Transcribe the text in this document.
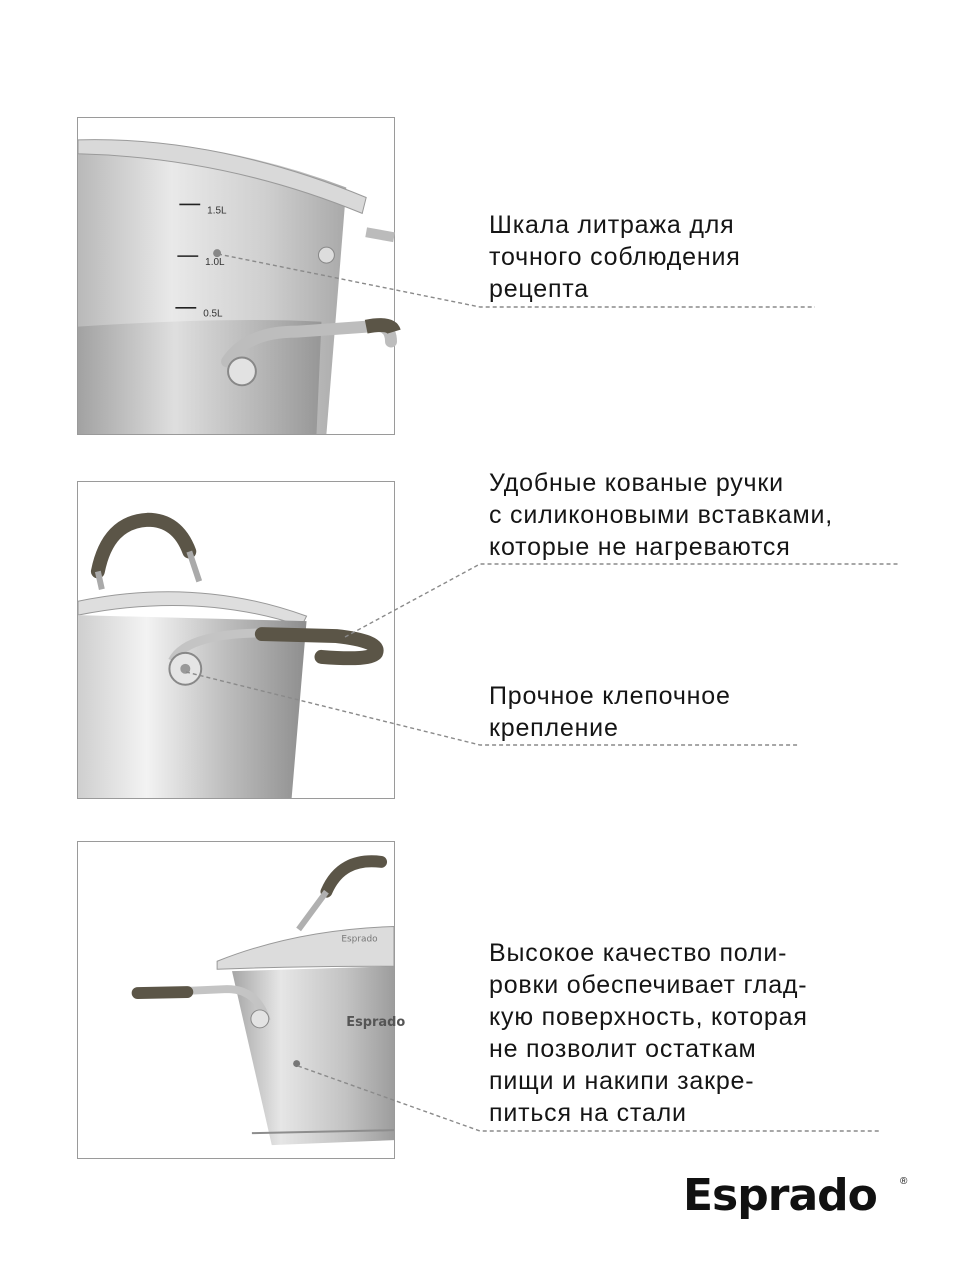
1.5L
1.0L
0.5L
Esprado
Esprado
Шкала литража для
точного соблюдения
рецепта
Удобные кованые ручки
с силиконовыми вставками,
которые не нагреваются
Прочное клепочное
крепление
Высокое качество поли-
ровки обеспечивает глад-
кую поверхность, которая
не позволит остаткам
пищи и накипи закре-
питься на стали
Esprado ®
